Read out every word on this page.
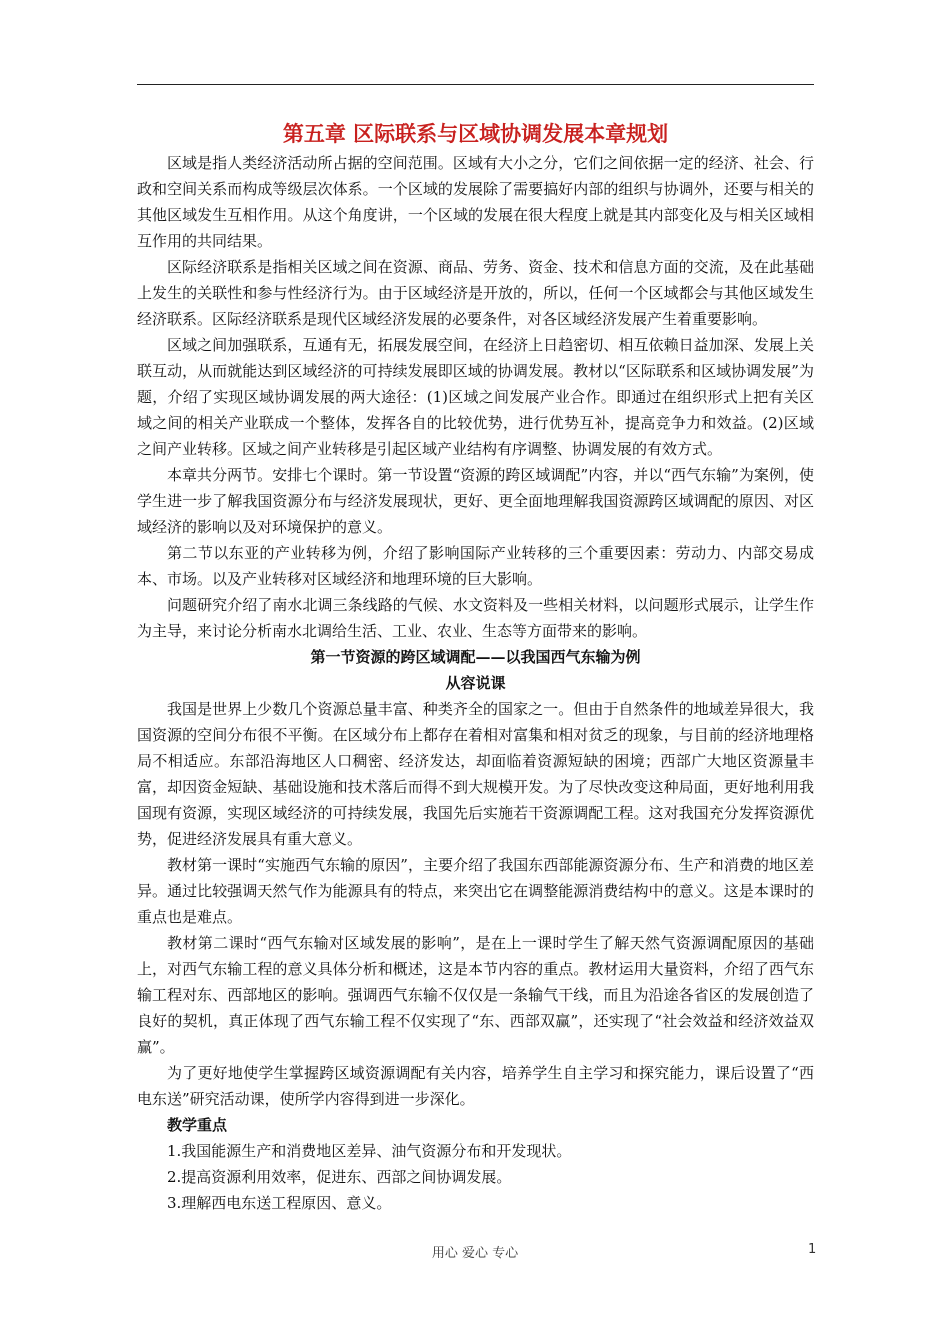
第五章 区际联系与区域协调发展本章规划

区域是指人类经济活动所占据的空间范围。区域有大小之分，它们之间依据一定的经济、社会、行政和空间关系而构成等级层次体系。一个区域的发展除了需要搞好内部的组织与协调外，还要与相关的其他区域发生互相作用。从这个角度讲，一个区域的发展在很大程度上就是其内部变化及与相关区域相互作用的共同结果。

区际经济联系是指相关区域之间在资源、商品、劳务、资金、技术和信息方面的交流，及在此基础上发生的关联性和参与性经济行为。由于区域经济是开放的，所以，任何一个区域都会与其他区域发生经济联系。区际经济联系是现代区域经济发展的必要条件，对各区域经济发展产生着重要影响。

区域之间加强联系，互通有无，拓展发展空间，在经济上日趋密切、相互依赖日益加深、发展上关联互动，从而就能达到区域经济的可持续发展即区域的协调发展。教材以“区际联系和区域协调发展”为题，介绍了实现区域协调发展的两大途径：(1)区域之间发展产业合作。即通过在组织形式上把有关区域之间的相关产业联成一个整体，发挥各自的比较优势，进行优势互补，提高竞争力和效益。(2)区域之间产业转移。区域之间产业转移是引起区域产业结构有序调整、协调发展的有效方式。

本章共分两节。安排七个课时。第一节设置“资源的跨区域调配”内容，并以“西气东输”为案例，使学生进一步了解我国资源分布与经济发展现状，更好、更全面地理解我国资源跨区域调配的原因、对区域经济的影响以及对环境保护的意义。

第二节以东亚的产业转移为例，介绍了影响国际产业转移的三个重要因素：劳动力、内部交易成本、市场。以及产业转移对区域经济和地理环境的巨大影响。

问题研究介绍了南水北调三条线路的气候、水文资料及一些相关材料，以问题形式展示，让学生作为主导，来讨论分析南水北调给生活、工业、农业、生态等方面带来的影响。

第一节资源的跨区域调配——以我国西气东输为例

从容说课

我国是世界上少数几个资源总量丰富、种类齐全的国家之一。但由于自然条件的地域差异很大，我国资源的空间分布很不平衡。在区域分布上都存在着相对富集和相对贫乏的现象，与目前的经济地理格局不相适应。东部沿海地区人口稠密、经济发达，却面临着资源短缺的困境；西部广大地区资源量丰富，却因资金短缺、基础设施和技术落后而得不到大规模开发。为了尽快改变这种局面，更好地利用我国现有资源，实现区域经济的可持续发展，我国先后实施若干资源调配工程。这对我国充分发挥资源优势，促进经济发展具有重大意义。

教材第一课时“实施西气东输的原因”，主要介绍了我国东西部能源资源分布、生产和消费的地区差异。通过比较强调天然气作为能源具有的特点，来突出它在调整能源消费结构中的意义。这是本课时的重点也是难点。

教材第二课时“西气东输对区域发展的影响”，是在上一课时学生了解天然气资源调配原因的基础上，对西气东输工程的意义具体分析和概述，这是本节内容的重点。教材运用大量资料，介绍了西气东输工程对东、西部地区的影响。强调西气东输不仅仅是一条输气干线，而且为沿途各省区的发展创造了良好的契机，真正体现了西气东输工程不仅实现了“东、西部双赢”，还实现了“社会效益和经济效益双赢”。

为了更好地使学生掌握跨区域资源调配有关内容，培养学生自主学习和探究能力，课后设置了“西电东送”研究活动课，使所学内容得到进一步深化。

教学重点

1.我国能源生产和消费地区差异、油气资源分布和开发现状。

2.提高资源利用效率，促进东、西部之间协调发展。

3.理解西电东送工程原因、意义。

用心 爱心 专心	1
